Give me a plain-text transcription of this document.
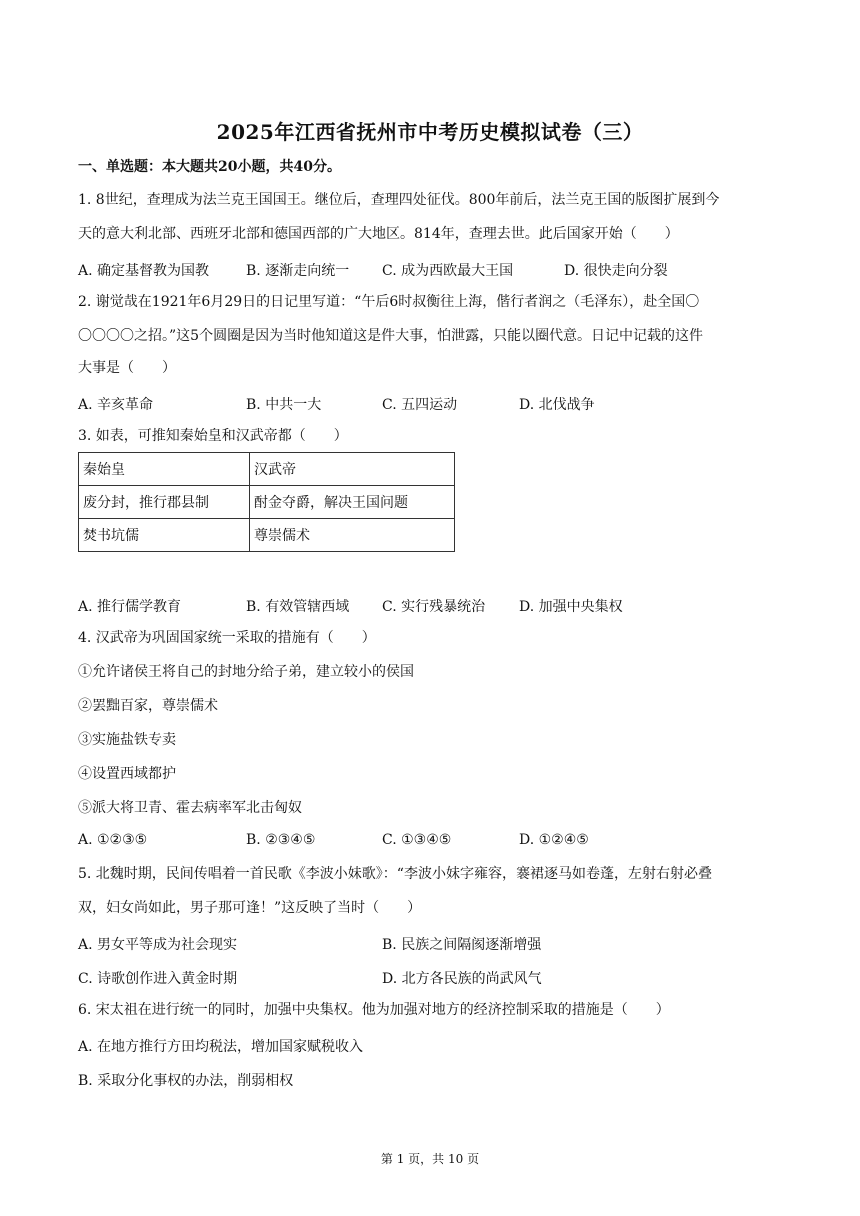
2025年江西省抚州市中考历史模拟试卷（三）
一、单选题：本大题共20小题，共40分。
1. 8世纪，查理成为法兰克王国国王。继位后，查理四处征伐。800年前后，法兰克王国的版图扩展到今
天的意大利北部、西班牙北部和德国西部的广大地区。814年，查理去世。此后国家开始（　　）
A. 确定基督教为国教	B. 逐渐走向统一 C. 成为西欧最大王国	D. 很快走向分裂
2. 谢觉哉在1921年6月29日的日记里写道：“午后6时叔衡往上海，偕行者润之（毛泽东），赴全国〇
〇〇〇〇之招。”这5个圆圈是因为当时他知道这是件大事，怕泄露，只能以圈代意。日记中记载的这件
大事是（　　）
A. 辛亥革命	B. 中共一大	C. 五四运动	D. 北伐战争
3. 如表，可推知秦始皇和汉武帝都（　　）
秦始皇	汉武帝
废分封，推行郡县制	酎金夺爵，解决王国问题
焚书坑儒	尊崇儒术
A. 推行儒学教育	B. 有效管辖西域 C. 实行残暴统治 D. 加强中央集权
4. 汉武帝为巩固国家统一采取的措施有（　　）
①允许诸侯王将自己的封地分给子弟，建立较小的侯国
②罢黜百家，尊崇儒术
③实施盐铁专卖
④设置西域都护
⑤派大将卫青、霍去病率军北击匈奴
A. ①②③⑤	B. ②③④⑤	C. ①③④⑤	D. ①②④⑤
5. 北魏时期，民间传唱着一首民歌《李波小妹歌》：“李波小妹字雍容，褰裙逐马如卷蓬，左射右射必叠
双，妇女尚如此，男子那可逢！”这反映了当时（　　）
A. 男女平等成为社会现实	B. 民族之间隔阂逐渐增强
C. 诗歌创作进入黄金时期	D. 北方各民族的尚武风气
6. 宋太祖在进行统一的同时，加强中央集权。他为加强对地方的经济控制采取的措施是（　　）
A. 在地方推行方田均税法，增加国家赋税收入
B. 采取分化事权的办法，削弱相权
第 1 页，共 10 页
